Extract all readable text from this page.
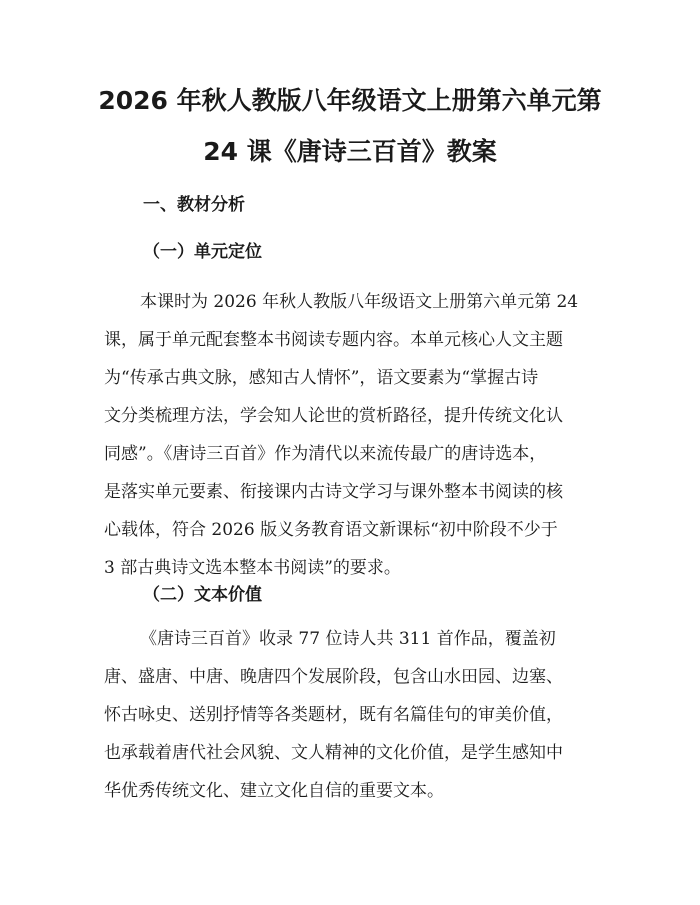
2026 年秋人教版八年级语文上册第六单元第
24 课《唐诗三百首》教案
一、教材分析
（一）单元定位
本课时为 2026 年秋人教版八年级语文上册第六单元第 24
课，属于单元配套整本书阅读专题内容。本单元核心人文主题
为“传承古典文脉，感知古人情怀”，语文要素为“掌握古诗
文分类梳理方法，学会知人论世的赏析路径，提升传统文化认
同感”。《唐诗三百首》作为清代以来流传最广的唐诗选本，
是落实单元要素、衔接课内古诗文学习与课外整本书阅读的核
心载体，符合 2026 版义务教育语文新课标“初中阶段不少于
3 部古典诗文选本整本书阅读”的要求。
（二）文本价值
《唐诗三百首》收录 77 位诗人共 311 首作品，覆盖初
唐、盛唐、中唐、晚唐四个发展阶段，包含山水田园、边塞、
怀古咏史、送别抒情等各类题材，既有名篇佳句的审美价值，
也承载着唐代社会风貌、文人精神的文化价值，是学生感知中
华优秀传统文化、建立文化自信的重要文本。
